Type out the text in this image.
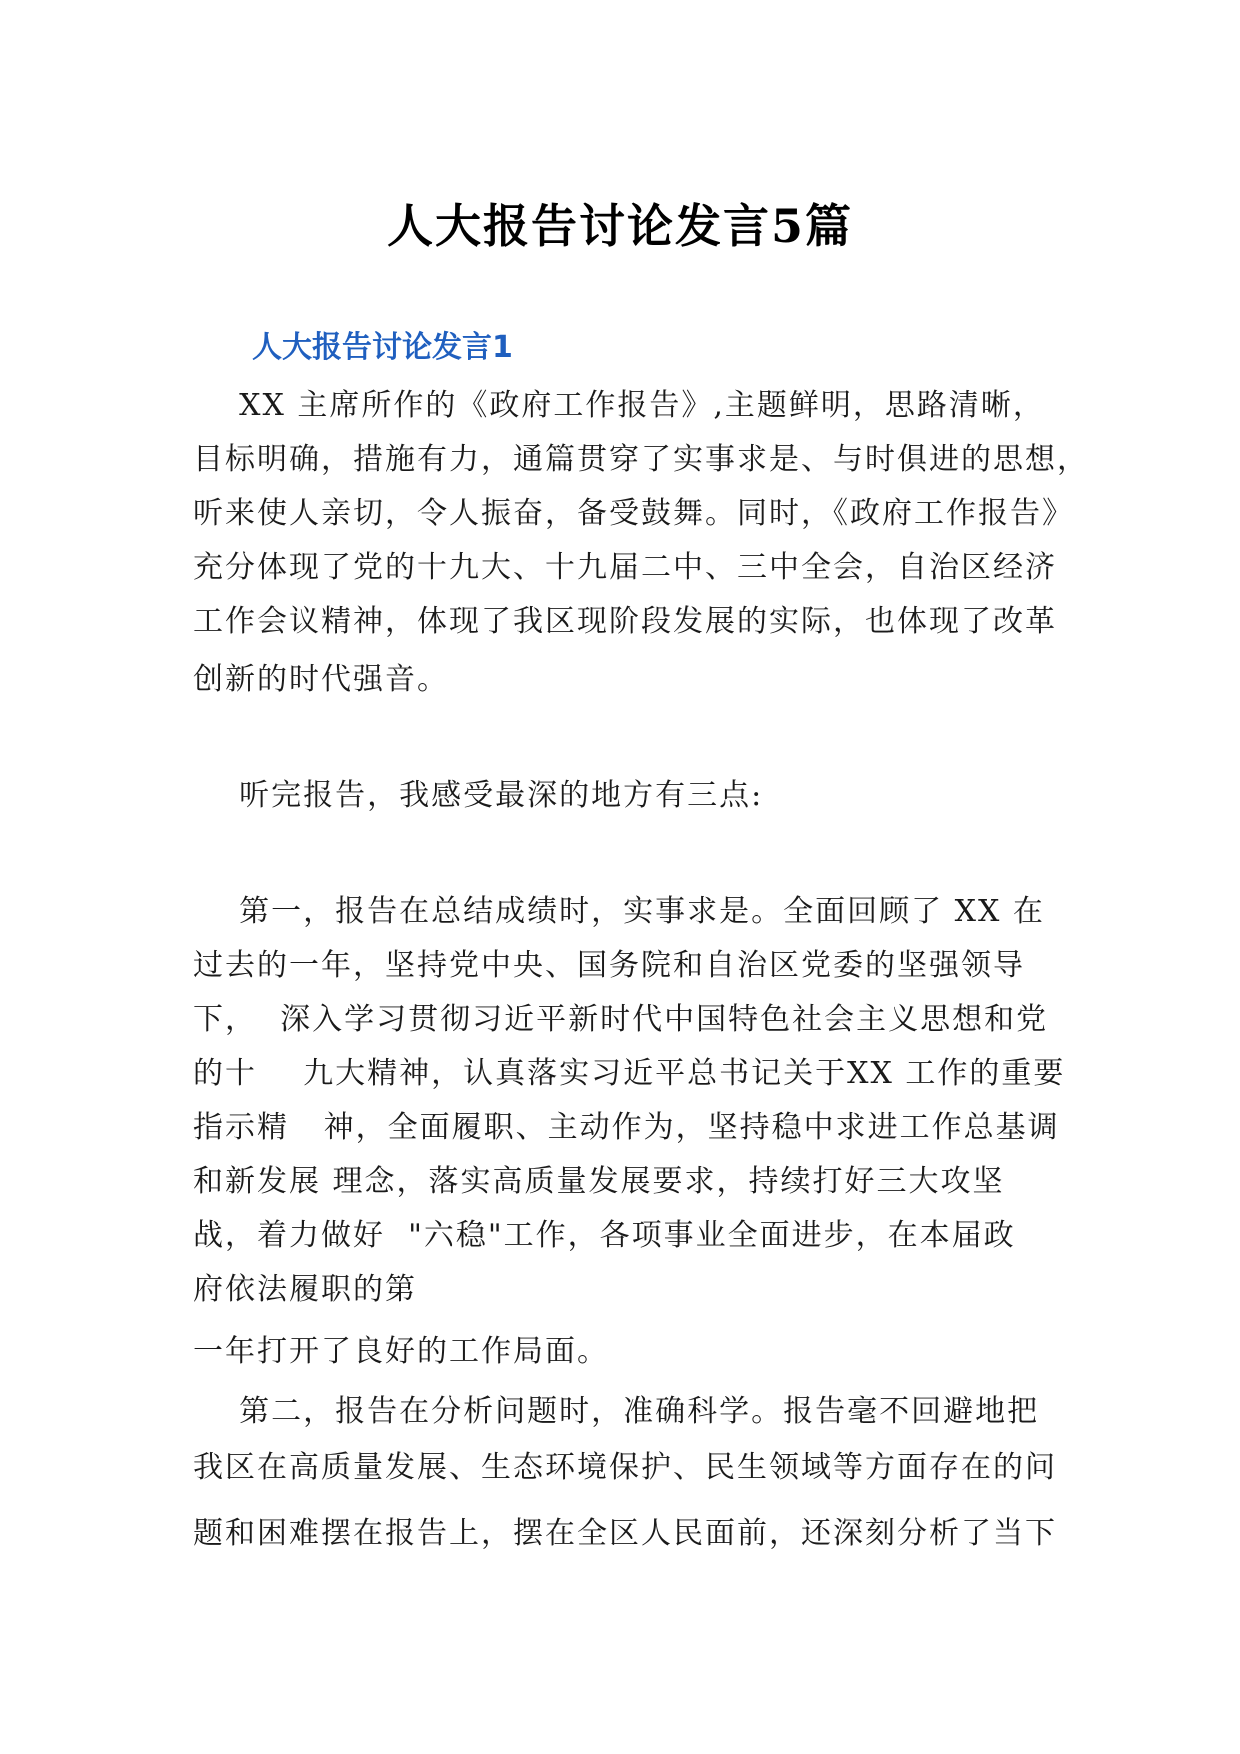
人大报告讨论发言5篇
人大报告讨论发言1
XX 主席所作的《政府工作报告》,主题鲜明，思路清晰，
目标明确，措施有力，通篇贯穿了实事求是、与时俱进的思想，
听来使人亲切，令人振奋，备受鼓舞。同时，《政府工作报告》
充分体现了党的十九大、十九届二中、三中全会，自治区经济
工作会议精神，体现了我区现阶段发展的实际，也体现了改革
创新的时代强音。
听完报告，我感受最深的地方有三点:
第一，报告在总结成绩时，实事求是。全面回顾了 XX 在
过去的一年，坚持党中央、国务院和自治区党委的坚强领导
下，  深入学习贯彻习近平新时代中国特色社会主义思想和党
的十    九大精神，认真落实习近平总书记关于XX 工作的重要
指示精   神，全面履职、主动作为，坚持稳中求进工作总基调
和新发展 理念，落实高质量发展要求，持续打好三大攻坚
战，着力做好  "六稳"工作，各项事业全面进步，在本届政
府依法履职的第
一年打开了良好的工作局面。
第二，报告在分析问题时，准确科学。报告毫不回避地把
我区在高质量发展、生态环境保护、民生领域等方面存在的问
题和困难摆在报告上，摆在全区人民面前，还深刻分析了当下
